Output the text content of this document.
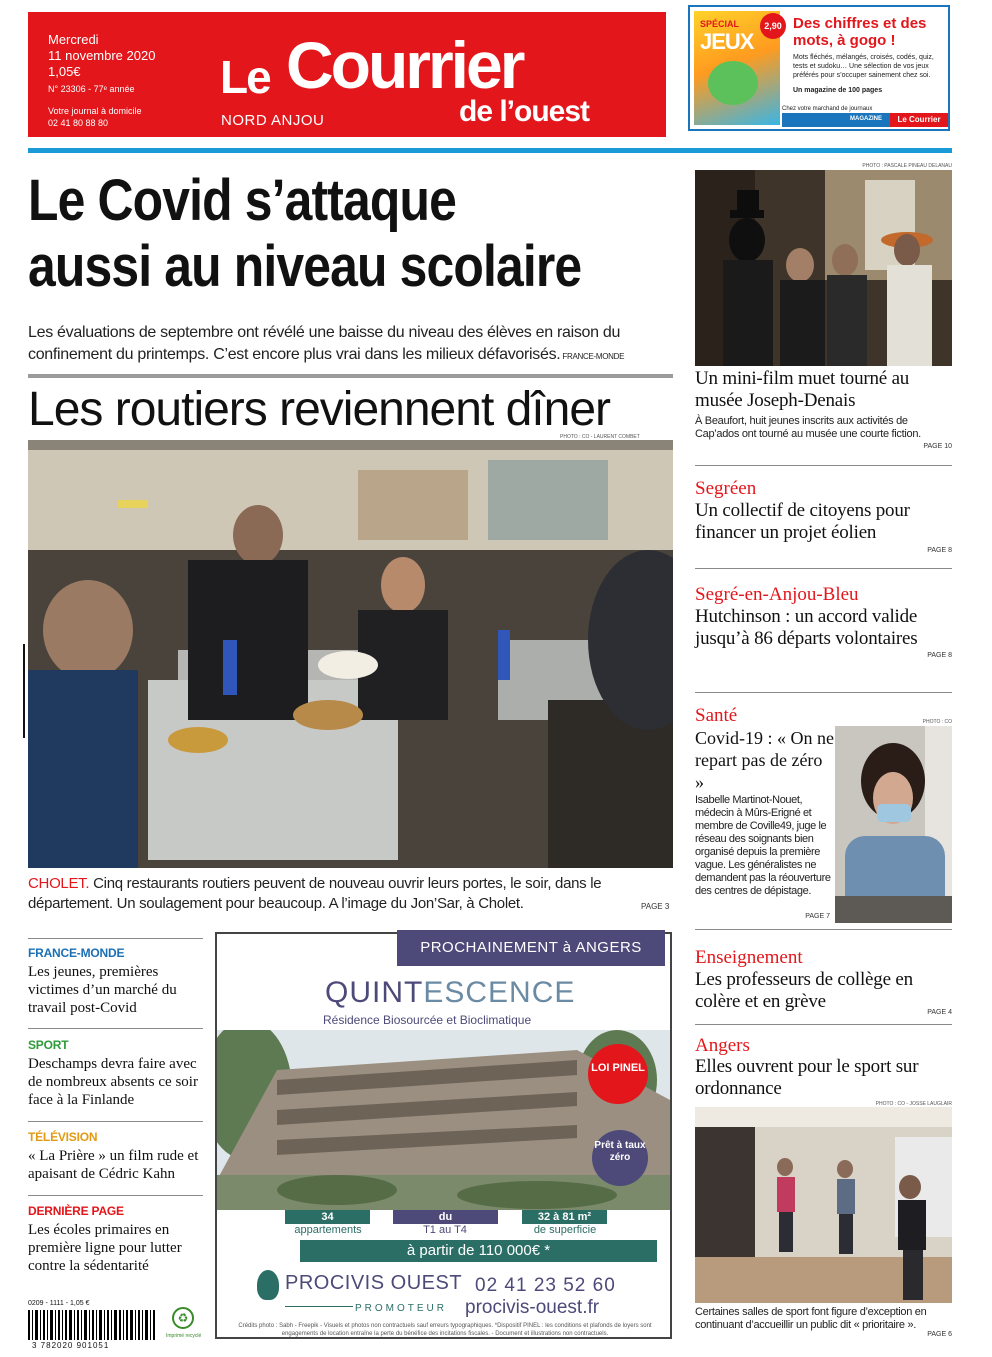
Mercredi
11 novembre 2020
1,05€
N° 23306 - 77ᵉ année
Votre journal à domicile
02 41 80 88 80
Le Courrier
de l’ouest
NORD ANJOU
SPÉCIAL
JEUX
2,90 Des chiffres et des mots, à gogo !
Mots fléchés, mélangés, croisés, codés, quiz, tests et sudoku… Une sélection de vos jeux préférés pour s’occuper sainement chez soi.
Un magazine de 100 pages
Chez votre marchand de journaux
MAGAZINE	Le Courrier
Le Covid s’attaque aussi au niveau scolaire
Les évaluations de septembre ont révélé une baisse du niveau des élèves en raison du confinement du printemps. C’est encore plus vrai dans les milieux défavorisés. FRANCE-MONDE
Les routiers reviennent dîner
PHOTO : CO - LAURENT COMBET
CHOLET. Cinq restaurants routiers peuvent de nouveau ouvrir leurs portes, le soir, dans le département. Un soulagement pour beaucoup. A l’image du Jon’Sar, à Cholet.	PAGE 3
FRANCE-MONDE
Les jeunes, premières victimes d’un marché du travail post-Covid
SPORT
Deschamps devra faire avec de nombreux absents ce soir face à la Finlande
TÉLÉVISION
« La Prière » un film rude et apaisant de Cédric Kahn
DERNIÈRE PAGE
Les écoles primaires en première ligne pour lutter contre la sédentarité
PROCHAINEMENT à ANGERS
QUINTESCENCE
Résidence Biosourcée et Bioclimatique
LOI PINEL
Prêt à taux zéro
34	du	32 à 81 m²
appartements	T1 au T4	de superficie
à partir de 110 000€ *
PROCIVIS OUEST
PROMOTEUR
02 41 23 52 60
procivis-ouest.fr
Crédits photo : Sabh - Freepik - Visuels et photos non contractuels sauf erreurs typographiques. *Dispositif PINEL : les conditions et plafonds de loyers sont engagements de location entraîne la perte du bénéfice des incitations fiscales. - Document et illustrations non contractuels.
0209 - 1111 - 1,05 €
3 782020 901051
♻
Imprimé recyclé
PHOTO : PASCALE PINEAU DELANAU
Un mini-film muet tourné au musée Joseph-Denais
À Beaufort, huit jeunes inscrits aux activités de Cap’ados ont tourné au musée une courte fiction.
PAGE 10
Segréen
Un collectif de citoyens pour financer un projet éolien
PAGE 8
Segré-en-Anjou-Bleu
Hutchinson : un accord valide jusqu’à 86 départs volontaires
PAGE 8
Santé	PHOTO : CO
Covid-19 : « On ne repart pas de zéro »
Isabelle Martinot-Nouet, médecin à Mûrs-Erigné et membre de Coville49, juge le réseau des soignants bien organisé depuis la première vague. Les généralistes ne demandent pas la réouverture des centres de dépistage.
PAGE 7
Enseignement
Les professeurs de collège en colère et en grève
PAGE 4
Angers
Elles ouvrent pour le sport sur ordonnance
PHOTO : CO - JOSSE LAUGLAIR
Certaines salles de sport font figure d’exception en continuant d’accueillir un public dit « prioritaire ».
PAGE 6
